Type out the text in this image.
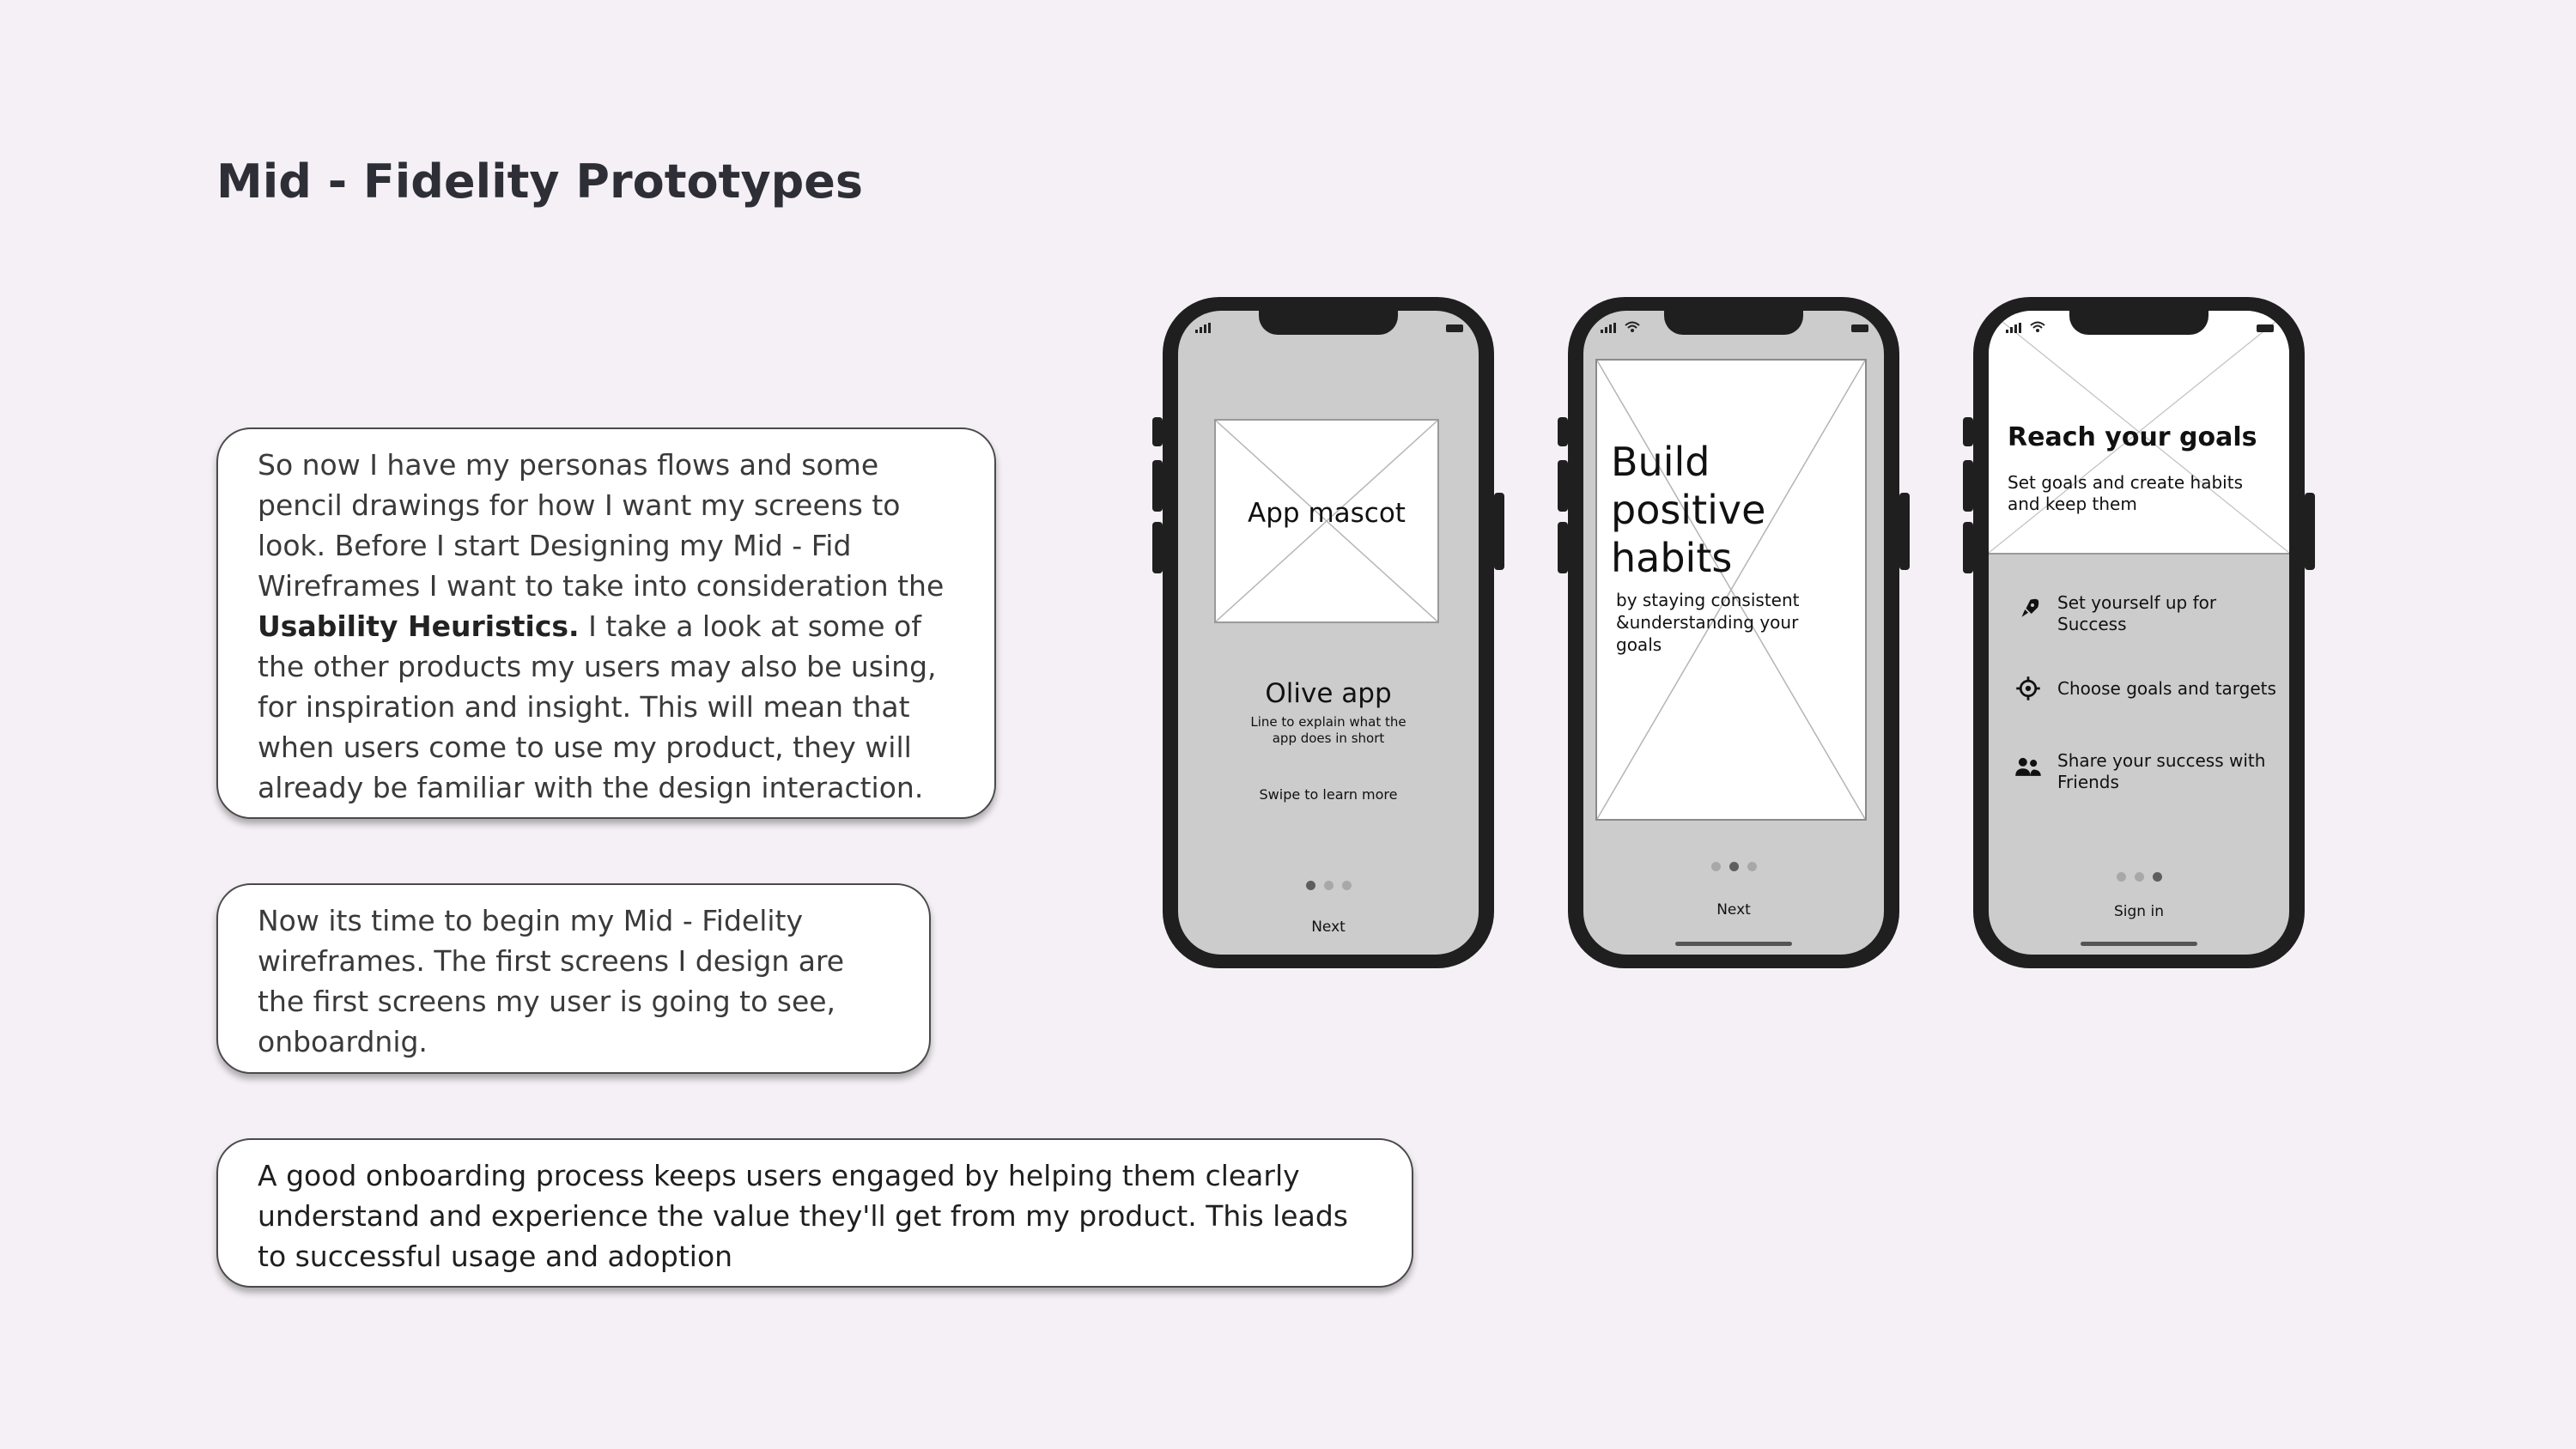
Mid - Fidelity Prototypes
So now I have my personas flows and some pencil drawings for how I want my screens to look. Before I start Designing my Mid - Fid Wireframes I want to take into consideration the Usability Heuristics. I take a look at some of the other products my users may also be using, for inspiration and insight. This will mean that when users come to use my product, they will already be familiar with the design interaction.
Now its time to begin my Mid - Fidelity wireframes. The first screens I design are the first screens my user is going to see, onboardnig.
A good onboarding process keeps users engaged by helping them clearly understand and experience the value they'll get from my product. This leads to successful usage and adoption
App mascot
Olive app
Line to explain what the app does in short
Swipe to learn more
Next
Build positive habits
by staying consistent &understanding your goals
Next
Reach your goals
Set goals and create habits and keep them
Set yourself up for Success
Choose goals and targets
Share your success with Friends
Sign in
